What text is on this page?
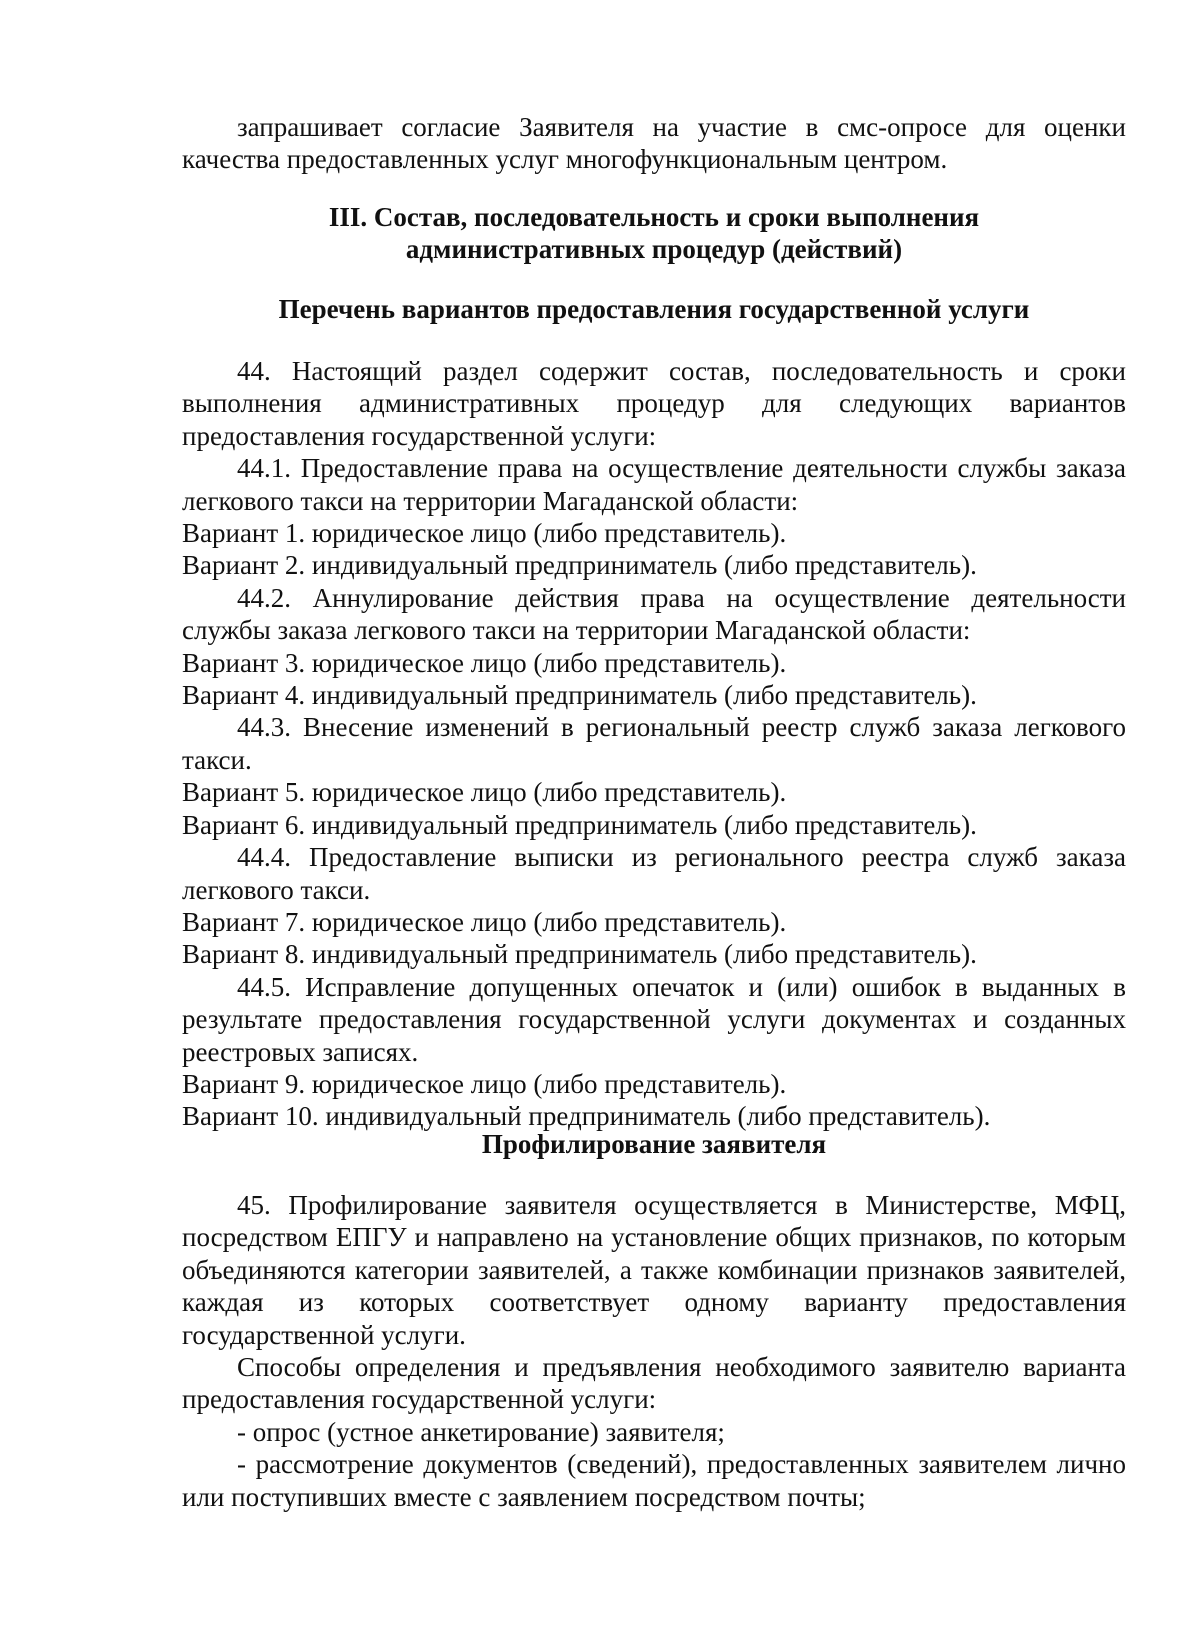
запрашивает согласие Заявителя на участие в смс-опросе для оценки качества предоставленных услуг многофункциональным центром.

III. Состав, последовательность и сроки выполнения

административных процедур (действий)

Перечень вариантов предоставления государственной услуги

44. Настоящий раздел содержит состав, последовательность и сроки выполнения административных процедур для следующих вариантов предоставления государственной услуги:

44.1. Предоставление права на осуществление деятельности службы заказа легкового такси на территории Магаданской области:

Вариант 1. юридическое лицо (либо представитель).

Вариант 2. индивидуальный предприниматель (либо представитель).

44.2. Аннулирование действия права на осуществление деятельности службы заказа легкового такси на территории Магаданской области:

Вариант 3. юридическое лицо (либо представитель).

Вариант 4. индивидуальный предприниматель (либо представитель).

44.3. Внесение изменений в региональный реестр служб заказа легкового такси.

Вариант 5. юридическое лицо (либо представитель).

Вариант 6. индивидуальный предприниматель (либо представитель).

44.4. Предоставление выписки из регионального реестра служб заказа легкового такси.

Вариант 7. юридическое лицо (либо представитель).

Вариант 8. индивидуальный предприниматель (либо представитель).

44.5. Исправление допущенных опечаток и (или) ошибок в выданных в результате предоставления государственной услуги документах и созданных реестровых записях.

Вариант 9. юридическое лицо (либо представитель).

Вариант 10. индивидуальный предприниматель (либо представитель).

Профилирование заявителя

45. Профилирование заявителя осуществляется в Министерстве, МФЦ, посредством ЕПГУ и направлено на установление общих признаков, по которым объединяются категории заявителей, а также комбинации признаков заявителей, каждая из которых соответствует одному варианту предоставления государственной услуги.

Способы определения и предъявления необходимого заявителю варианта предоставления государственной услуги:

- опрос (устное анкетирование) заявителя;

- рассмотрение документов (сведений), предоставленных заявителем лично или поступивших вместе с заявлением посредством почты;
